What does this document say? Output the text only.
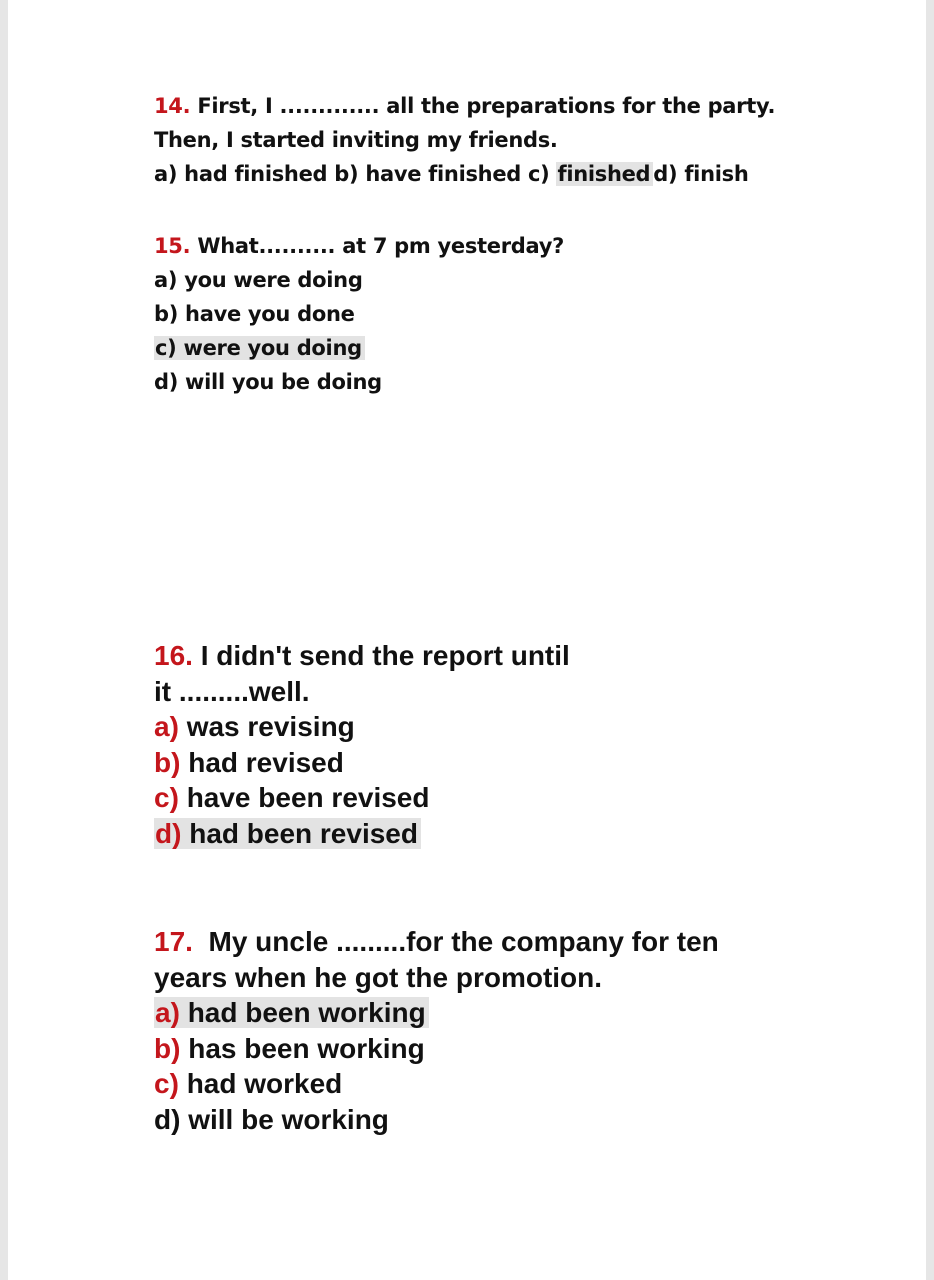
14. First, I ............. all the preparations for the party.
Then, I started inviting my friends.
a) had finished b) have finished c) finished d) finish
15. What.......... at 7 pm yesterday?
a) you were doing
b) have you done
c) were you doing
d) will you be doing
16. I didn't send the report until
it .........well.
a) was revising
b) had revised
c) have been revised
d) had been revised
17. My uncle .........for the company for ten
years when he got the promotion.
a) had been working
b) has been working
c) had worked
d) will be working
